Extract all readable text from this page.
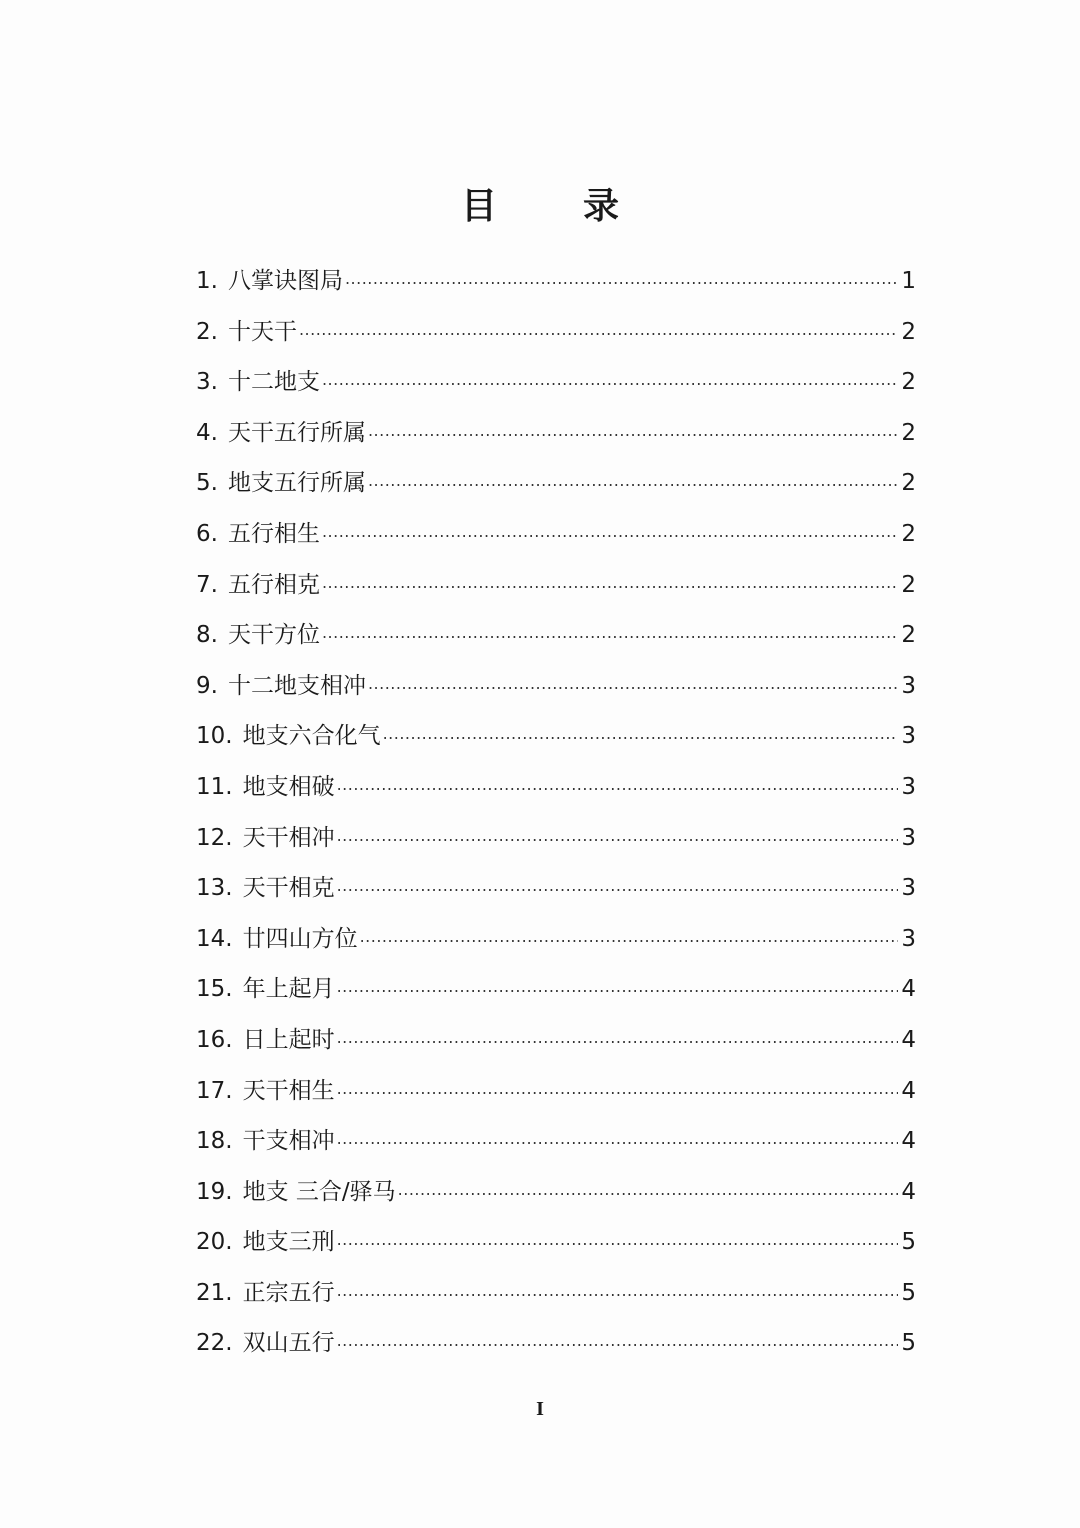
目 录
1. 八掌诀图局 .....	1
2. 十天干 .....	2
3. 十二地支 .....	2
4. 天干五行所属 .....	2
5. 地支五行所属 .....	2
6. 五行相生 .....	2
7. 五行相克 .....	2
8. 天干方位 .....	2
9. 十二地支相冲 .....	3
10. 地支六合化气 .....	3
11. 地支相破 .....	3
12. 天干相冲 .....	3
13. 天干相克 .....	3
14. 廿四山方位 .....	3
15. 年上起月 .....	4
16. 日上起时 .....	4
17. 天干相生 .....	4
18. 干支相冲 .....	4
19. 地支 三合/驿马 .....	4
20. 地支三刑 .....	5
21. 正宗五行 .....	5
22. 双山五行 .....	5
I
